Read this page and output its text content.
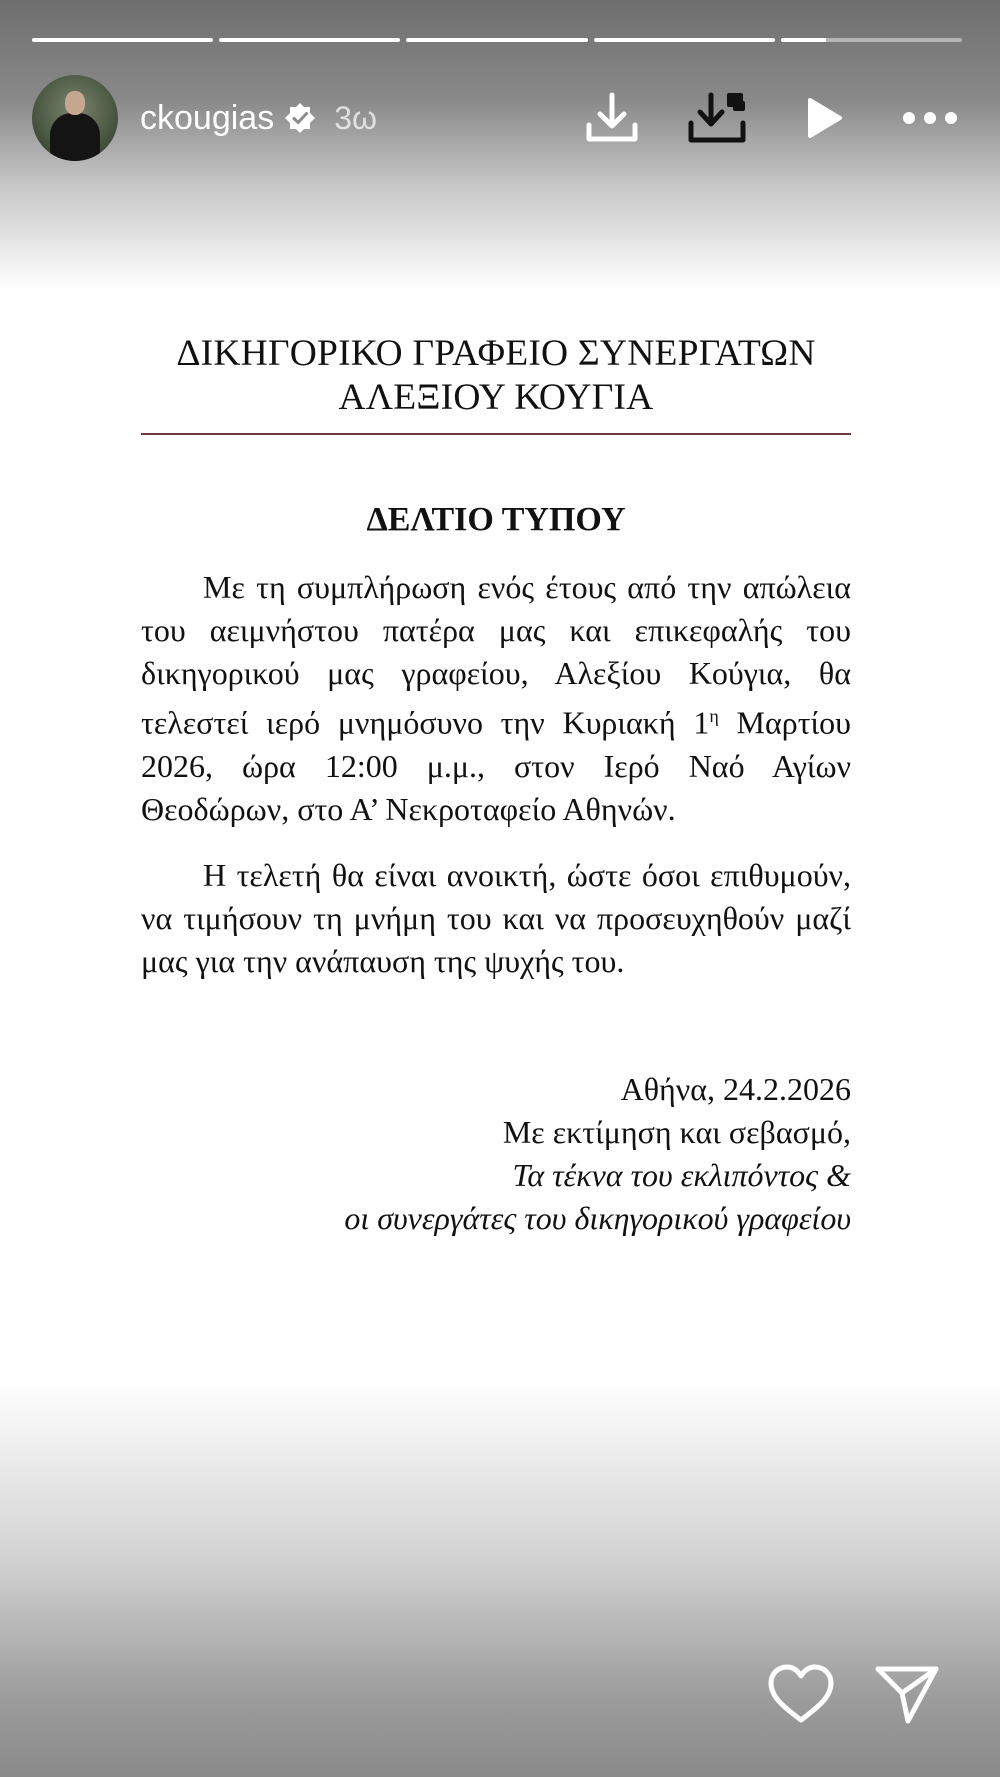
ckougias 3ω
ΔΙΚΗΓΟΡΙΚΟ ΓΡΑΦΕΙΟ ΣΥΝΕΡΓΑΤΩΝ
ΑΛΕΞΙΟΥ ΚΟΥΓΙΑ
ΔΕΛΤΙΟ ΤΥΠΟΥ

Με τη συμπλήρωση ενός έτους από την απώλεια του αειμνήστου πατέρα μας και επικεφαλής του δικηγορικού μας γραφείου, Αλεξίου Κούγια, θα τελεστεί ιερό μνημόσυνο την Κυριακή $1^\eta$ Μαρτίου 2026, ώρα 12:00 μ.μ., στον Ιερό Ναό Αγίων Θεοδώρων, στο Α’ Νεκροταφείο Αθηνών.

Η τελετή θα είναι ανοικτή, ώστε όσοι επιθυμούν, να τιμήσουν τη μνήμη του και να προσευχηθούν μαζί μας για την ανάπαυση της ψυχής του.

Αθήνα, 24.2.2026
Με εκτίμηση και σεβασμό,
Τα τέκνα του εκλιπόντος &
οι συνεργάτες του δικηγορικού γραφείου
